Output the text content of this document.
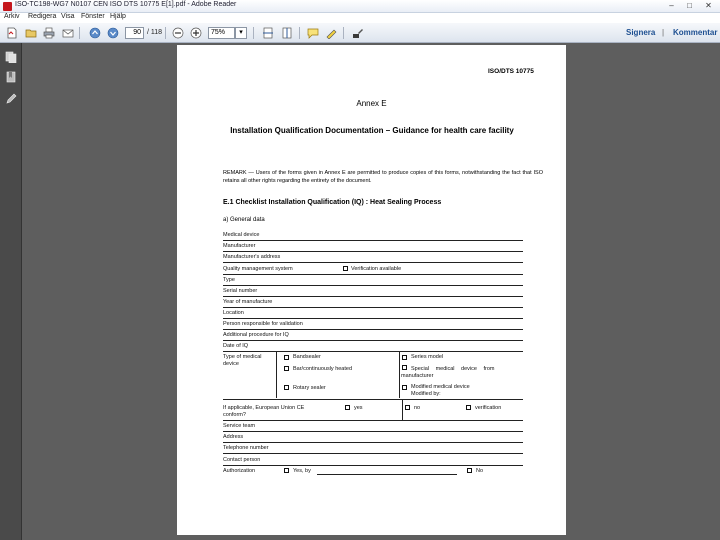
ISO-TC198-WG7 N0107 CEN ISO DTS 10775 E[1].pdf - Adobe Reader	–	□	✕
Arkiv Redigera Visa Fönster Hjälp
90 / 118	75%	▾	Signera | Kommentar
ISO/DTS 10775
Annex E
Installation Qualification Documentation – Guidance for health care facility
REMARK — Users of the forms given in Annex E are permitted to produce copies of this forms, notwithstanding the fact that ISO retains all other rights regarding the entirety of the document.
E.1 Checklist Installation Qualification (IQ) : Heat Sealing Process
a) General data
Medical device
Manufacturer
Manufacturer's address
Quality management system	Verification available
Type
Serial number
Year of manufacture
Location
Person responsible for validation
Additional procedure for IQ
Date of IQ
Type of medical
device
Bandsealer
Bar/continuously heated
Rotary sealer
Series model
Special medical device from
manufacturer
Modified medical device
Modified by:
If applicable, European Union CE
conform?
yes	no	verification
Service team
Address
Telephone number
Contact person
Authorization	Yes, by	No
